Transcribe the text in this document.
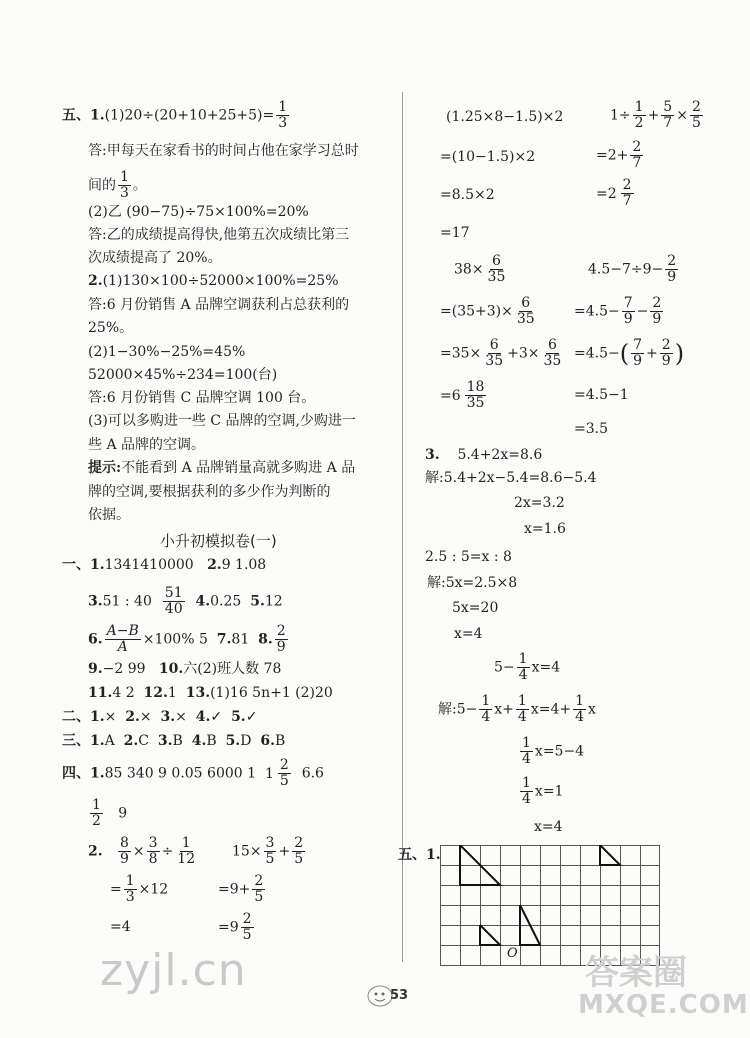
五、$1.(1)20\div(20+10+25+5)= \frac{1}{3}$
答:甲每天在家看书的时间占他在家学习总时
间的 $\frac{1}{3}$ 。
(2)乙 (90−75)÷75×100%=20%
答:乙的成绩提高得快,他第五次成绩比第三
次成绩提高了 20%。
2.(1)130×100÷52000×100%=25%
答:6 月份销售 A 品牌空调获利占总获利的
25%。
(2)1−30%−25%=45%
52000×45%÷234=100(台)
答:6 月份销售 C 品牌空调 100 台。
(3)可以多购进一些 C 品牌的空调,少购进一
些 A 品牌的空调。
提示:不能看到 A 品牌销量高就多购进 A 品
牌的空调,要根据获利的多少作为判断的
依据。
小升初模拟卷(一)
一、1.1341410000 2.9 1.08
3.51 : $40 \frac{51}{40} 4.0.25$ 5.12
6. $\frac{A-B}{A} \times 100\%$ 5 7.81 8. $\frac{2}{9}$
9.−2 99 10.六(2)班人数 78
11.4 2 12.1 13.(1)16 5n+1 (2)20
二、1.× 2.× 3.× 4.✓ 5.✓
三、1.A 2.C 3.B 4.B 5.D 6.B
四、1.85 340 9 0.05 6000 1 $1 \frac{2}{5} 6.6$
$\frac{1}{2} 9$
2. $\frac{8}{9} \times \frac{3}{8} \div \frac{1}{12} 15\times \frac{3}{5} + \frac{2}{5}$
= $\frac{1}{3} \times 12$	$=9+ \frac{2}{5}$
=4	$=9 \frac{2}{5}$
(1.25×8−1.5)×2	$1\div \frac{1}{2} + \frac{5}{7} \times \frac{2}{5}$
=(10−1.5)×2	$=2+ \frac{2}{7}$
=8.5×2	$=2 \frac{2}{7}$
=17
$38\times \frac{6}{35}$	$4.5-7\div 9- \frac{2}{9}$
$=(35+3)\times \frac{6}{35}$	$=4.5- \frac{7}{9} - \frac{2}{9}$
$=35\times \frac{6}{35} +3\times \frac{6}{35} =4.5-( \frac{7}{9} + \frac{2}{9}$ )
$=6 \frac{18}{35}$	=4.5−1
=3.5
3. 5.4+2x=8.6
解:5.4+2x−5.4=8.6−5.4
2x=3.2
x=1.6
2.5 : 5=x : 8
解:5x=2.5×8
5x=20
x=4
$5- \frac{1}{4} x=4$
解:5− $\frac{1}{4} x+ \frac{1}{4} x=4+ \frac{1}{4}$ x
$\frac{1}{4} x=5-4$
$\frac{1}{4} x=1$
x=4
五、1.
O
zyjl.cn	53
答案圈
MXQE.COM
